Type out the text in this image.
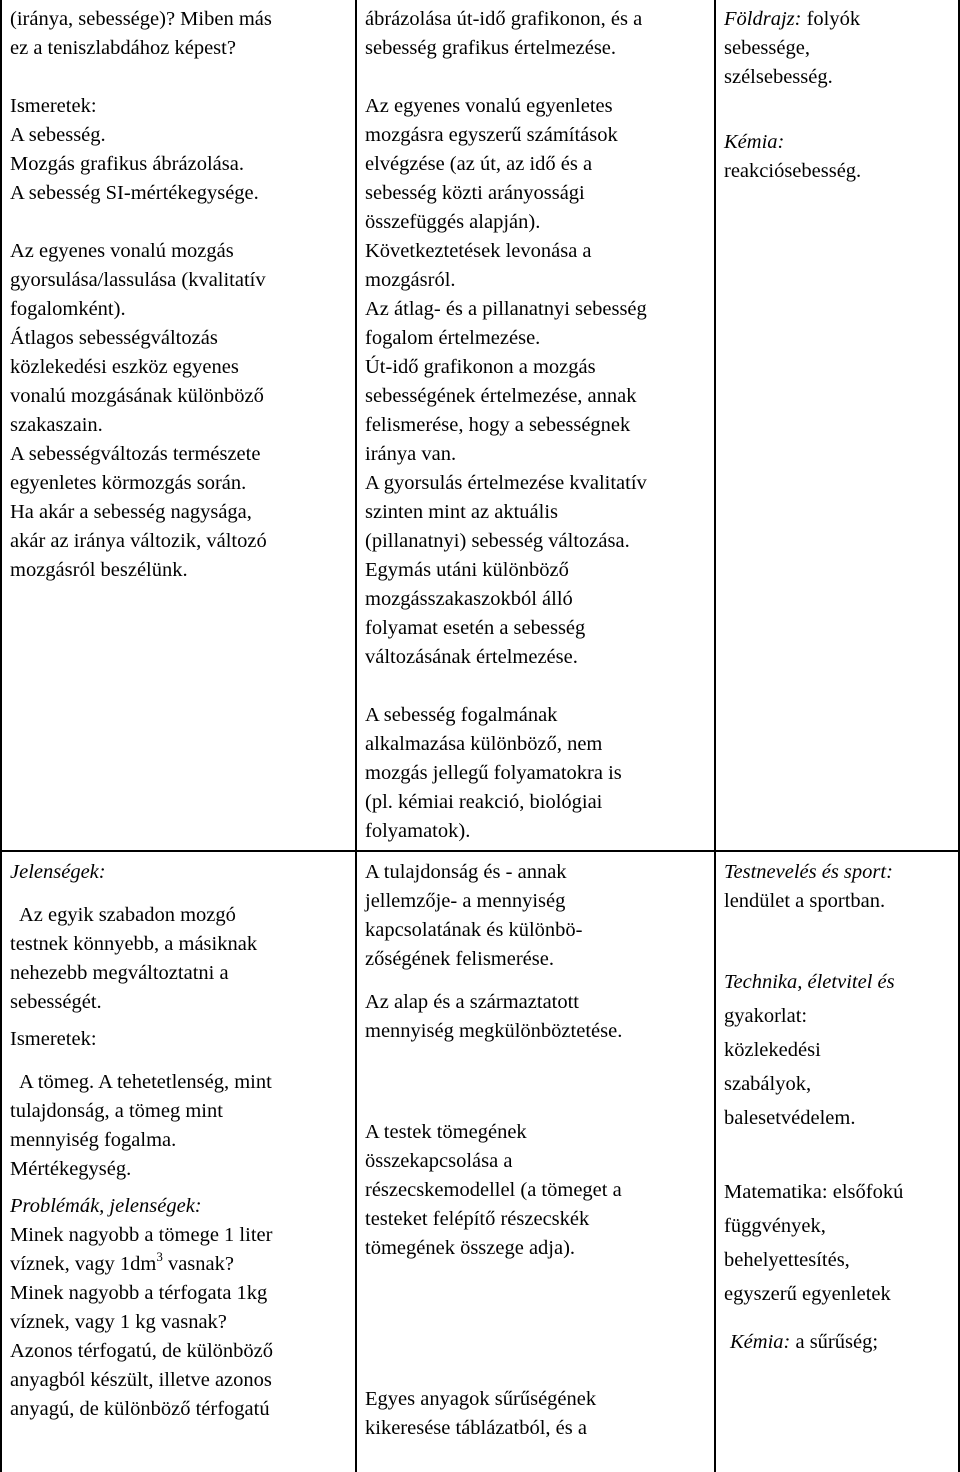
(iránya, sebessége)? Miben más

ez a teniszlabdához képest?

Ismeretek:

A sebesség.

Mozgás grafikus ábrázolása.

A sebesség SI-mértékegysége.

Az egyenes vonalú mozgás

gyorsulása/lassulása (kvalitatív

fogalomként).

Átlagos sebességváltozás

közlekedési eszköz egyenes

vonalú mozgásának különböző

szakaszain.

A sebességváltozás természete

egyenletes körmozgás során.

Ha akár a sebesség nagysága,

akár az iránya változik, változó

mozgásról beszélünk.

ábrázolása út-idő grafikonon, és a

sebesség grafikus értelmezése.

Az egyenes vonalú egyenletes

mozgásra egyszerű számítások

elvégzése (az út, az idő és a

sebesség közti arányossági

összefüggés alapján).

Következtetések levonása a

mozgásról.

Az átlag- és a pillanatnyi sebesség

fogalom értelmezése.

Út-idő grafikonon a mozgás

sebességének értelmezése, annak

felismerése, hogy a sebességnek

iránya van.

A gyorsulás értelmezése kvalitatív

szinten mint az aktuális

(pillanatnyi) sebesség változása.

Egymás utáni különböző

mozgásszakaszokból álló

folyamat esetén a sebesség

változásának értelmezése.

A sebesség fogalmának

alkalmazása különböző, nem

mozgás jellegű folyamatokra is

(pl. kémiai reakció, biológiai

folyamatok).

Földrajz: folyók

sebessége,

szélsebesség.

Kémia:

reakciósebesség.

Jelenségek:

Az egyik szabadon mozgó

testnek könnyebb, a másiknak

nehezebb megváltoztatni a

sebességét.

Ismeretek:

A tömeg. A tehetetlenség, mint

tulajdonság, a tömeg mint

mennyiség fogalma.

Mértékegység.

Problémák, jelenségek:

Minek nagyobb a tömege 1 liter

víznek, vagy $1dm^3$ vasnak?

Minek nagyobb a térfogata 1kg

víznek, vagy 1 kg vasnak?

Azonos térfogatú, de különböző

anyagból készült, illetve azonos

anyagú, de különböző térfogatú

A tulajdonság és - annak

jellemzője- a mennyiség

kapcsolatának és különbö-

zőségének felismerése.

Az alap és a származtatott

mennyiség megkülönböztetése.

A testek tömegének

összekapcsolása a

részecskemodellel (a tömeget a

testeket felépítő részecskék

tömegének összege adja).

Egyes anyagok sűrűségének

kikeresése táblázatból, és a

Testnevelés és sport:

lendület a sportban.

Technika, életvitel és

gyakorlat:

közlekedési

szabályok,

balesetvédelem.

Matematika: elsőfokú

függvények,

behelyettesítés,

egyszerű egyenletek

Kémia: a sűrűség;
